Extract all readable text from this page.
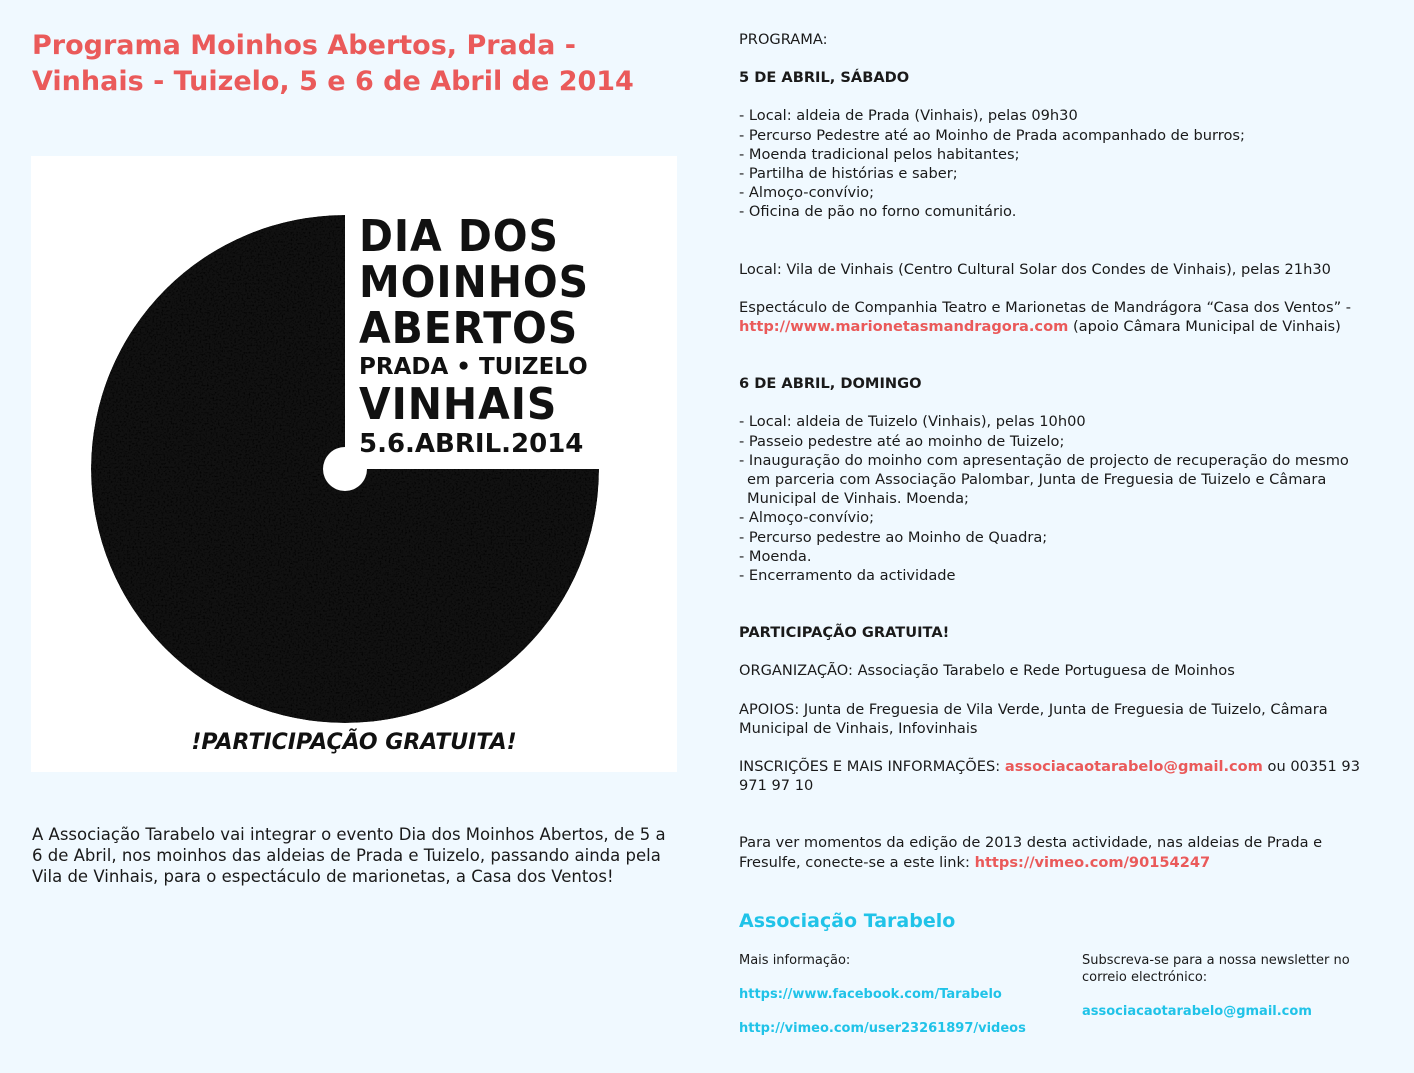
Programa Moinhos Abertos, Prada - Vinhais - Tuizelo, 5 e 6 de Abril de 2014
DIA DOS
MOINHOS
ABERTOS
PRADA • TUIZELO
VINHAIS
5.6.ABRIL.2014
!PARTICIPAÇÃO GRATUITA!

A Associação Tarabelo vai integrar o evento Dia dos Moinhos Abertos, de 5 a 6 de Abril, nos moinhos das aldeias de Prada e Tuizelo, passando ainda pela Vila de Vinhais, para o espectáculo de marionetas, a Casa dos Ventos!

PROGRAMA:

5 DE ABRIL, SÁBADO

- Local: aldeia de Prada (Vinhais), pelas 09h30

- Percurso Pedestre até ao Moinho de Prada acompanhado de burros;

- Moenda tradicional pelos habitantes;

- Partilha de histórias e saber;

- Almoço-convívio;

- Oficina de pão no forno comunitário.

Local: Vila de Vinhais (Centro Cultural Solar dos Condes de Vinhais), pelas 21h30

Espectáculo de Companhia Teatro e Marionetas de Mandrágora “Casa dos Ventos” -
http://www.marionetasmandragora.com (apoio Câmara Municipal de Vinhais)

6 DE ABRIL, DOMINGO

- Local: aldeia de Tuizelo (Vinhais), pelas 10h00

- Passeio pedestre até ao moinho de Tuizelo;

- Inauguração do moinho com apresentação de projecto de recuperação do mesmo

em parceria com Associação Palombar, Junta de Freguesia de Tuizelo e Câmara

Municipal de Vinhais. Moenda;

- Almoço-convívio;

- Percurso pedestre ao Moinho de Quadra;

- Moenda.

- Encerramento da actividade

PARTICIPAÇÃO GRATUITA!

ORGANIZAÇÃO: Associação Tarabelo e Rede Portuguesa de Moinhos

APOIOS: Junta de Freguesia de Vila Verde, Junta de Freguesia de Tuizelo, Câmara Municipal de Vinhais, Infovinhais

INSCRIÇÕES E MAIS INFORMAÇÕES: associacaotarabelo@gmail.com ou 00351 93 971 97 10

Para ver momentos da edição de 2013 desta actividade, nas aldeias de Prada e Fresulfe, conecte-se a este link: https://vimeo.com/90154247

Associação Tarabelo

Mais informação:

https://www.facebook.com/Tarabelo

http://vimeo.com/user23261897/videos

Subscreva-se para a nossa newsletter no correio electrónico:

associacaotarabelo@gmail.com
